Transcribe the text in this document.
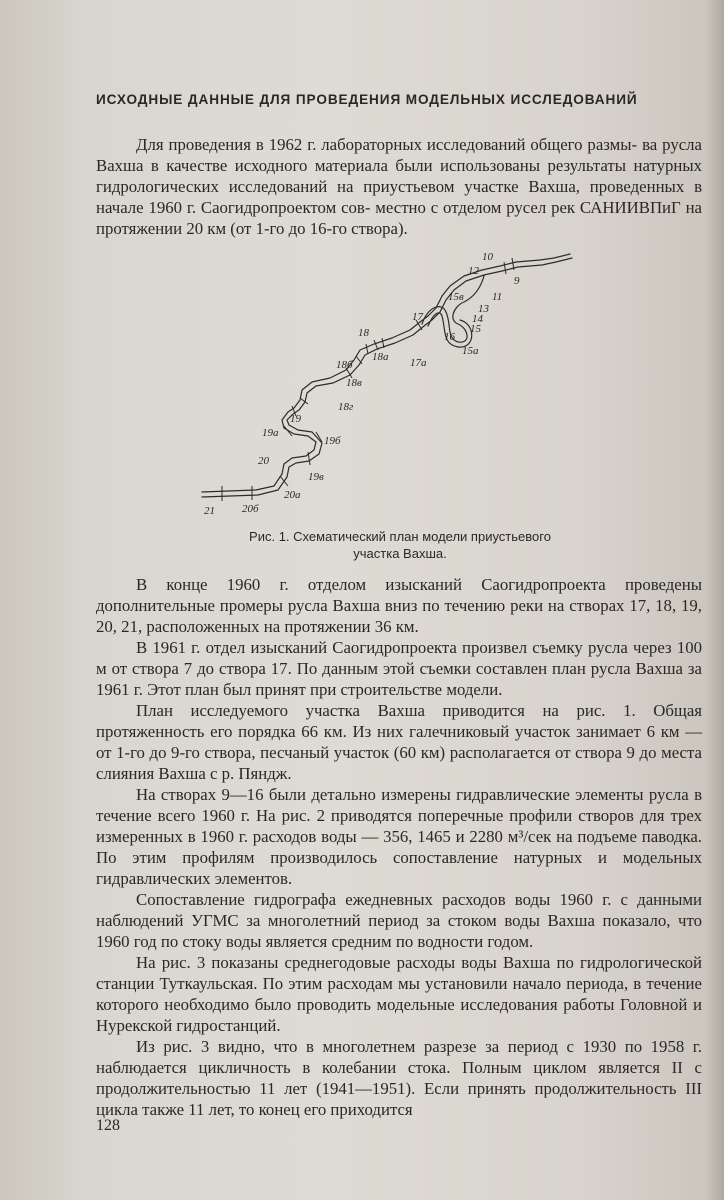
ИСХОДНЫЕ ДАННЫЕ ДЛЯ ПРОВЕДЕНИЯ МОДЕЛЬНЫХ ИССЛЕДОВАНИЙ

Для проведения в 1962 г. лабораторных исследований общего размы- ва русла Вахша в качестве исходного материала были использованы результаты натурных гидрологических исследований на приустьевом участке Вахша, проведенных в начале 1960 г. Саогидропроектом сов- местно с отделом русел рек САНИИВПиГ на протяжении 20 км (от 1-го до 16-го створа).

21 20б
20а
19в
20
19б
19а
19
18г
18в
18б
18
18а
17
17а
15а
16
15
14
13
15в	11
12
10
9
Рис. 1. Схематический план модели приустьевого
участка Вахша.

В конце 1960 г. отделом изысканий Саогидропроекта проведены дополнительные промеры русла Вахша вниз по течению реки на створах 17, 18, 19, 20, 21, расположенных на протяжении 36 км.

В 1961 г. отдел изысканий Саогидропроекта произвел съемку русла через 100 м от створа 7 до створа 17. По данным этой съемки составлен план русла Вахша за 1961 г. Этот план был принят при строительстве модели.

План исследуемого участка Вахша приводится на рис. 1. Общая протяженность его порядка 66 км. Из них галечниковый участок занимает 6 км — от 1-го до 9-го створа, песчаный участок (60 км) располагается от створа 9 до места слияния Вахша с р. Пяндж.

На створах 9—16 были детально измерены гидравлические элементы русла в течение всего 1960 г. На рис. 2 приводятся поперечные профили створов для трех измеренных в 1960 г. расходов воды — 356, 1465 и 2280 м³/сек на подъеме паводка. По этим профилям производилось сопоставление натурных и модельных гидравлических элементов.

Сопоставление гидрографа ежедневных расходов воды 1960 г. с данными наблюдений УГМС за многолетний период за стоком воды Вахша показало, что 1960 год по стоку воды является средним по водности годом.

На рис. 3 показаны среднегодовые расходы воды Вахша по гидрологической станции Туткаульская. По этим расходам мы установили начало периода, в течение которого необходимо было проводить модельные исследования работы Головной и Нурекской гидростанций.

Из рис. 3 видно, что в многолетнем разрезе за период с 1930 по 1958 г. наблюдается цикличность в колебании стока. Полным циклом является II с продолжительностью 11 лет (1941—1951). Если принять продолжительность III цикла также 11 лет, то конец его приходится

128
